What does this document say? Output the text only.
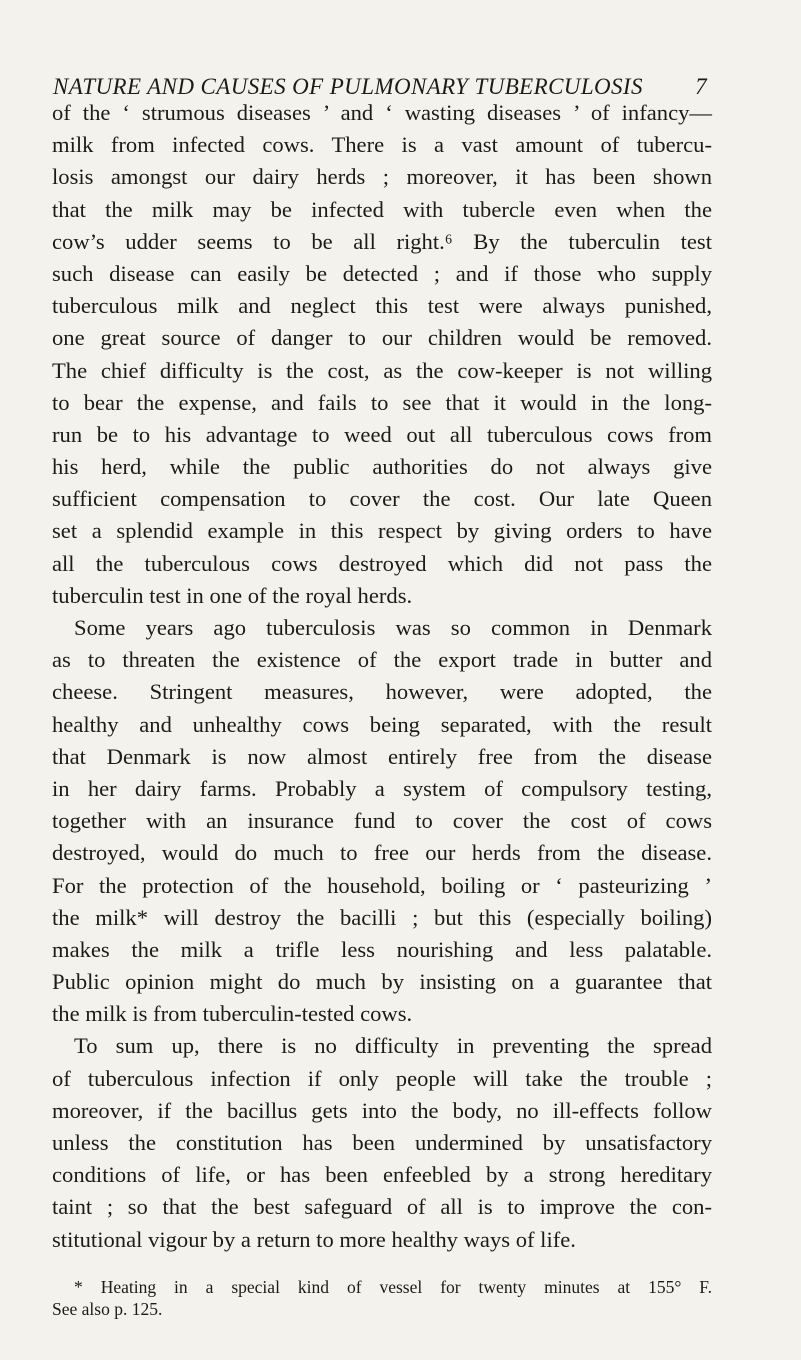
NATURE AND CAUSES OF PULMONARY TUBERCULOSIS 7
of the ‘ strumous diseases ’ and ‘ wasting diseases ’ of infancy—
milk from infected cows. There is a vast amount of tubercu-
losis amongst our dairy herds ; moreover, it has been shown
that the milk may be infected with tubercle even when the
cow’s udder seems to be all right.⁶ By the tuberculin test
such disease can easily be detected ; and if those who supply
tuberculous milk and neglect this test were always punished,
one great source of danger to our children would be removed.
The chief difficulty is the cost, as the cow-keeper is not willing
to bear the expense, and fails to see that it would in the long-
run be to his advantage to weed out all tuberculous cows from
his herd, while the public authorities do not always give
sufficient compensation to cover the cost. Our late Queen
set a splendid example in this respect by giving orders to have
all the tuberculous cows destroyed which did not pass the
tuberculin test in one of the royal herds.
Some years ago tuberculosis was so common in Denmark
as to threaten the existence of the export trade in butter and
cheese. Stringent measures, however, were adopted, the
healthy and unhealthy cows being separated, with the result
that Denmark is now almost entirely free from the disease
in her dairy farms. Probably a system of compulsory testing,
together with an insurance fund to cover the cost of cows
destroyed, would do much to free our herds from the disease.
For the protection of the household, boiling or ‘ pasteurizing ’
the milk* will destroy the bacilli ; but this (especially boiling)
makes the milk a trifle less nourishing and less palatable.
Public opinion might do much by insisting on a guarantee that
the milk is from tuberculin-tested cows.
To sum up, there is no difficulty in preventing the spread
of tuberculous infection if only people will take the trouble ;
moreover, if the bacillus gets into the body, no ill-effects follow
unless the constitution has been undermined by unsatisfactory
conditions of life, or has been enfeebled by a strong hereditary
taint ; so that the best safeguard of all is to improve the con-
stitutional vigour by a return to more healthy ways of life.
* Heating in a special kind of vessel for twenty minutes at 155° F.
See also p. 125.
